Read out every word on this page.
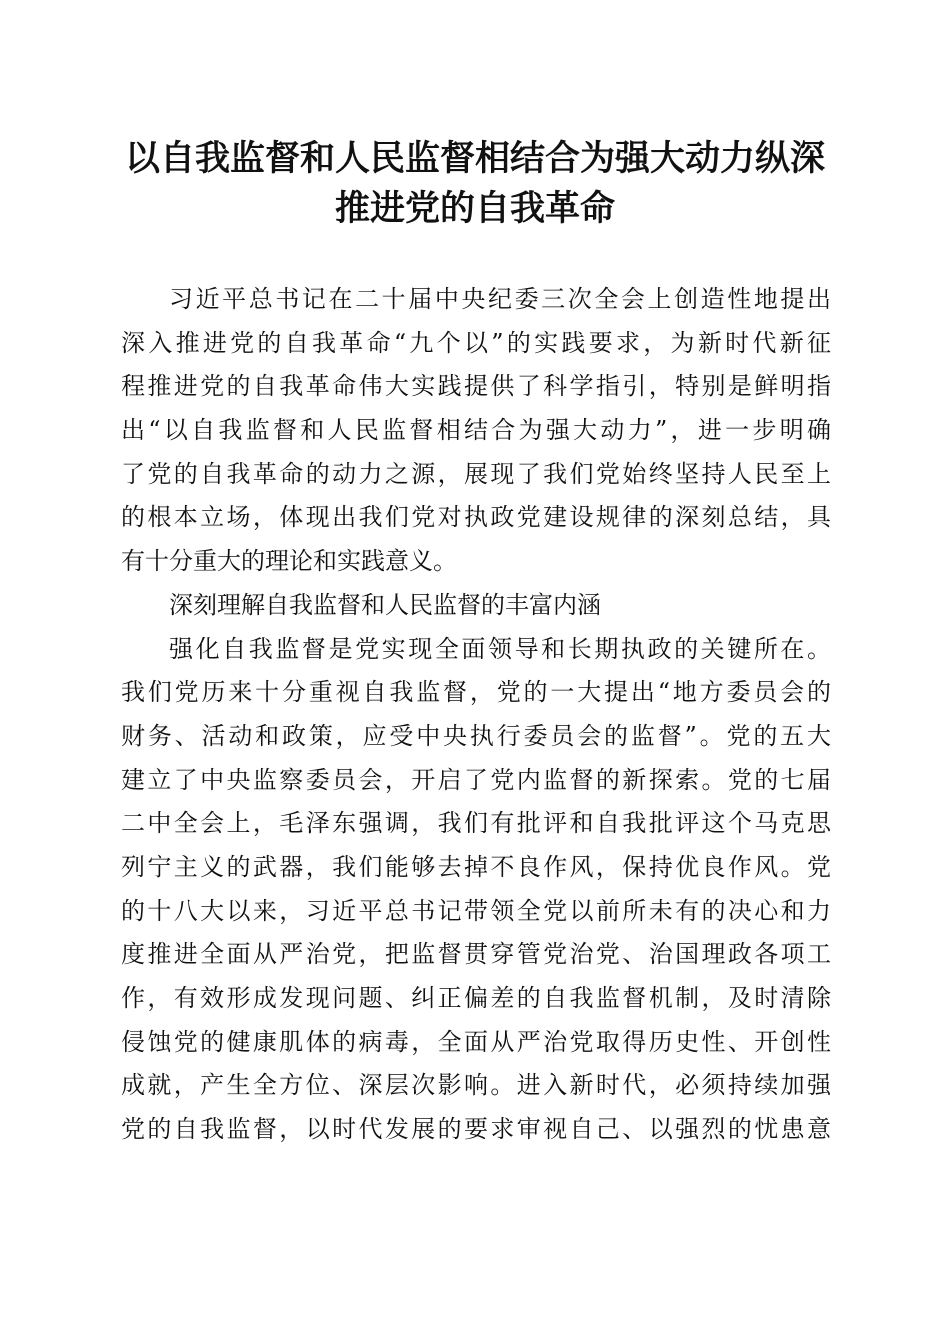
以自我监督和人民监督相结合为强大动力纵深
推进党的自我革命
习近平总书记在二十届中央纪委三次全会上创造性地提出
深入推进党的自我革命“九个以”的实践要求，为新时代新征
程推进党的自我革命伟大实践提供了科学指引，特别是鲜明指
出“以自我监督和人民监督相结合为强大动力”，进一步明确
了党的自我革命的动力之源，展现了我们党始终坚持人民至上
的根本立场，体现出我们党对执政党建设规律的深刻总结，具
有十分重大的理论和实践意义。
深刻理解自我监督和人民监督的丰富内涵
强化自我监督是党实现全面领导和长期执政的关键所在。
我们党历来十分重视自我监督，党的一大提出“地方委员会的
财务、活动和政策，应受中央执行委员会的监督”。党的五大
建立了中央监察委员会，开启了党内监督的新探索。党的七届
二中全会上，毛泽东强调，我们有批评和自我批评这个马克思
列宁主义的武器，我们能够去掉不良作风，保持优良作风。党
的十八大以来，习近平总书记带领全党以前所未有的决心和力
度推进全面从严治党，把监督贯穿管党治党、治国理政各项工
作，有效形成发现问题、纠正偏差的自我监督机制，及时清除
侵蚀党的健康肌体的病毒，全面从严治党取得历史性、开创性
成就，产生全方位、深层次影响。进入新时代，必须持续加强
党的自我监督，以时代发展的要求审视自己、以强烈的忧患意
